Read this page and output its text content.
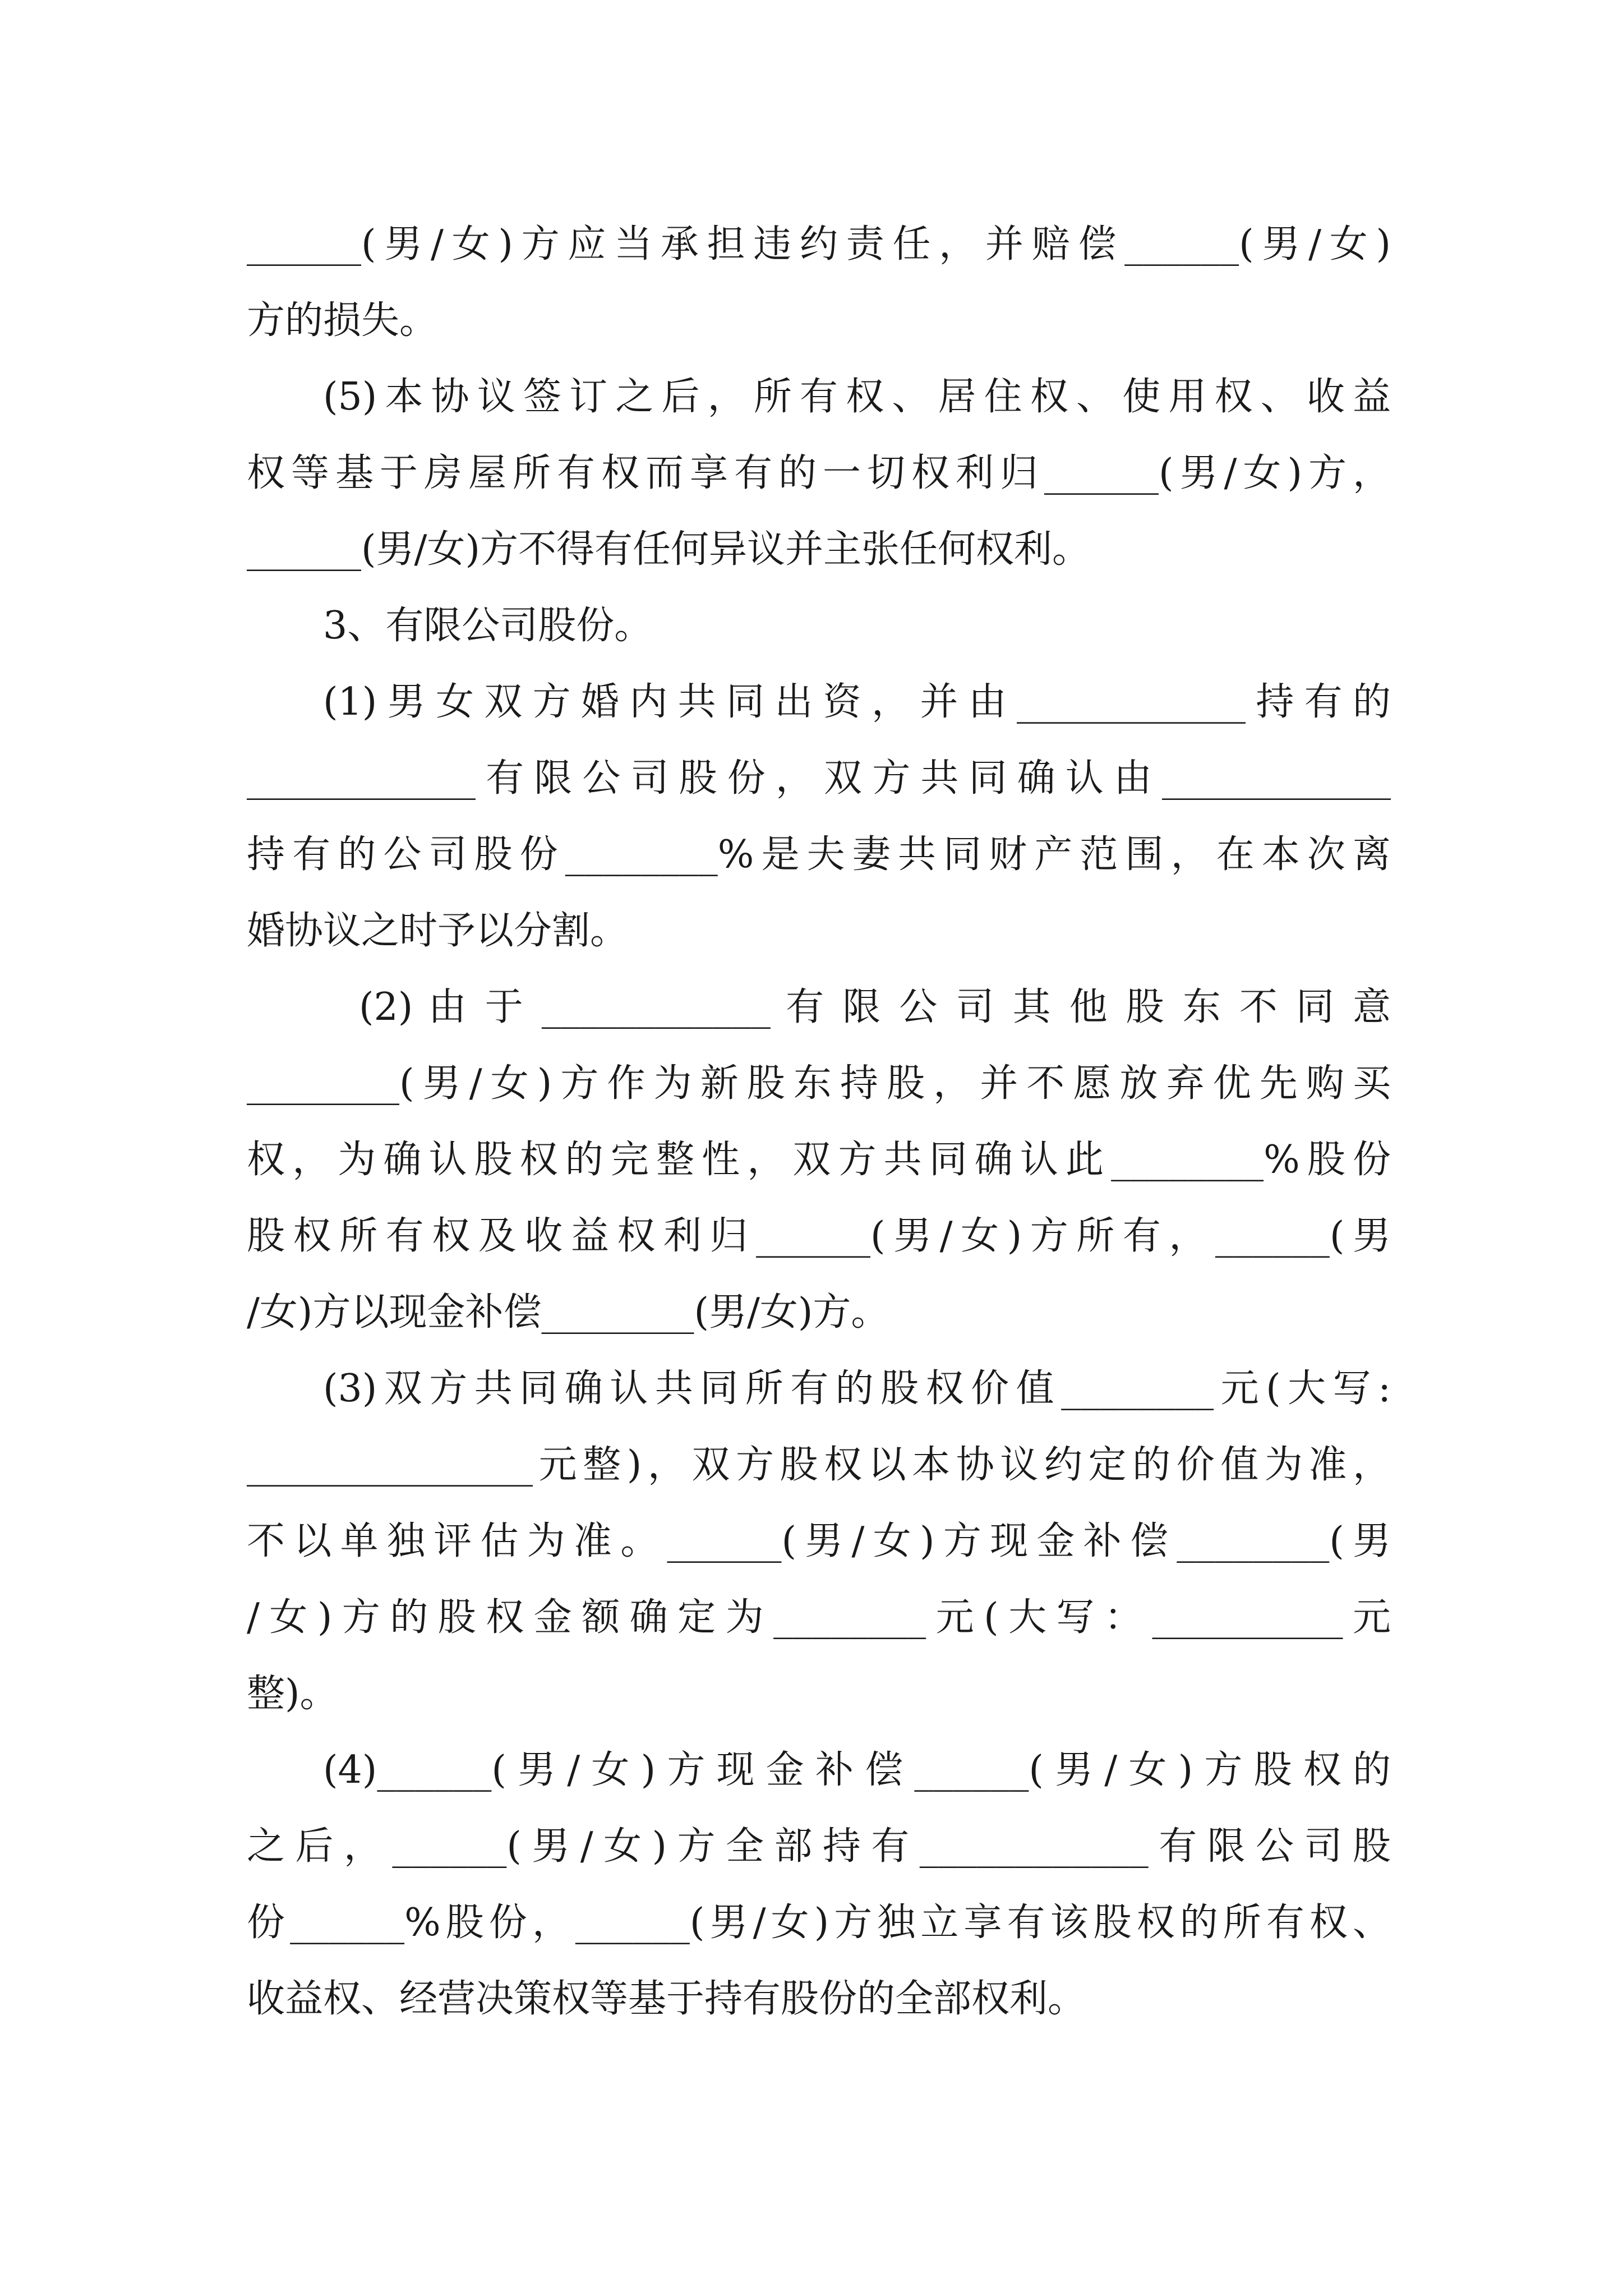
______(男/女)方应当承担违约责任，并赔偿______(男/女)
方的损失。
(5)本协议签订之后，所有权、居住权、使用权、收益
权等基于房屋所有权而享有的一切权利归______(男/女)方，
______(男/女)方不得有任何异议并主张任何权利。
3、有限公司股份。
(1)男女双方婚内共同出资，并由____________持有的
____________有限公司股份，双方共同确认由____________
持有的公司股份________%是夫妻共同财产范围，在本次离
婚协议之时予以分割。
(2) 由 于 ____________ 有 限 公 司 其 他 股 东 不 同 意
________(男/女)方作为新股东持股，并不愿放弃优先购买
权，为确认股权的完整性，双方共同确认此________%股份
股权所有权及收益权利归______(男/女)方所有，______(男
/女)方以现金补偿________(男/女)方。
(3)双方共同确认共同所有的股权价值________元(大写:
_______________元整)，双方股权以本协议约定的价值为准，
不以单独评估为准。______(男/女)方现金补偿________(男
/女)方的股权金额确定为________元(大写：__________元
整)。
(4)______(男/女)方现金补偿______(男/女)方股权的
之后，______(男/女)方全部持有____________有限公司股
份______%股份，______(男/女)方独立享有该股权的所有权、
收益权、经营决策权等基于持有股份的全部权利。
